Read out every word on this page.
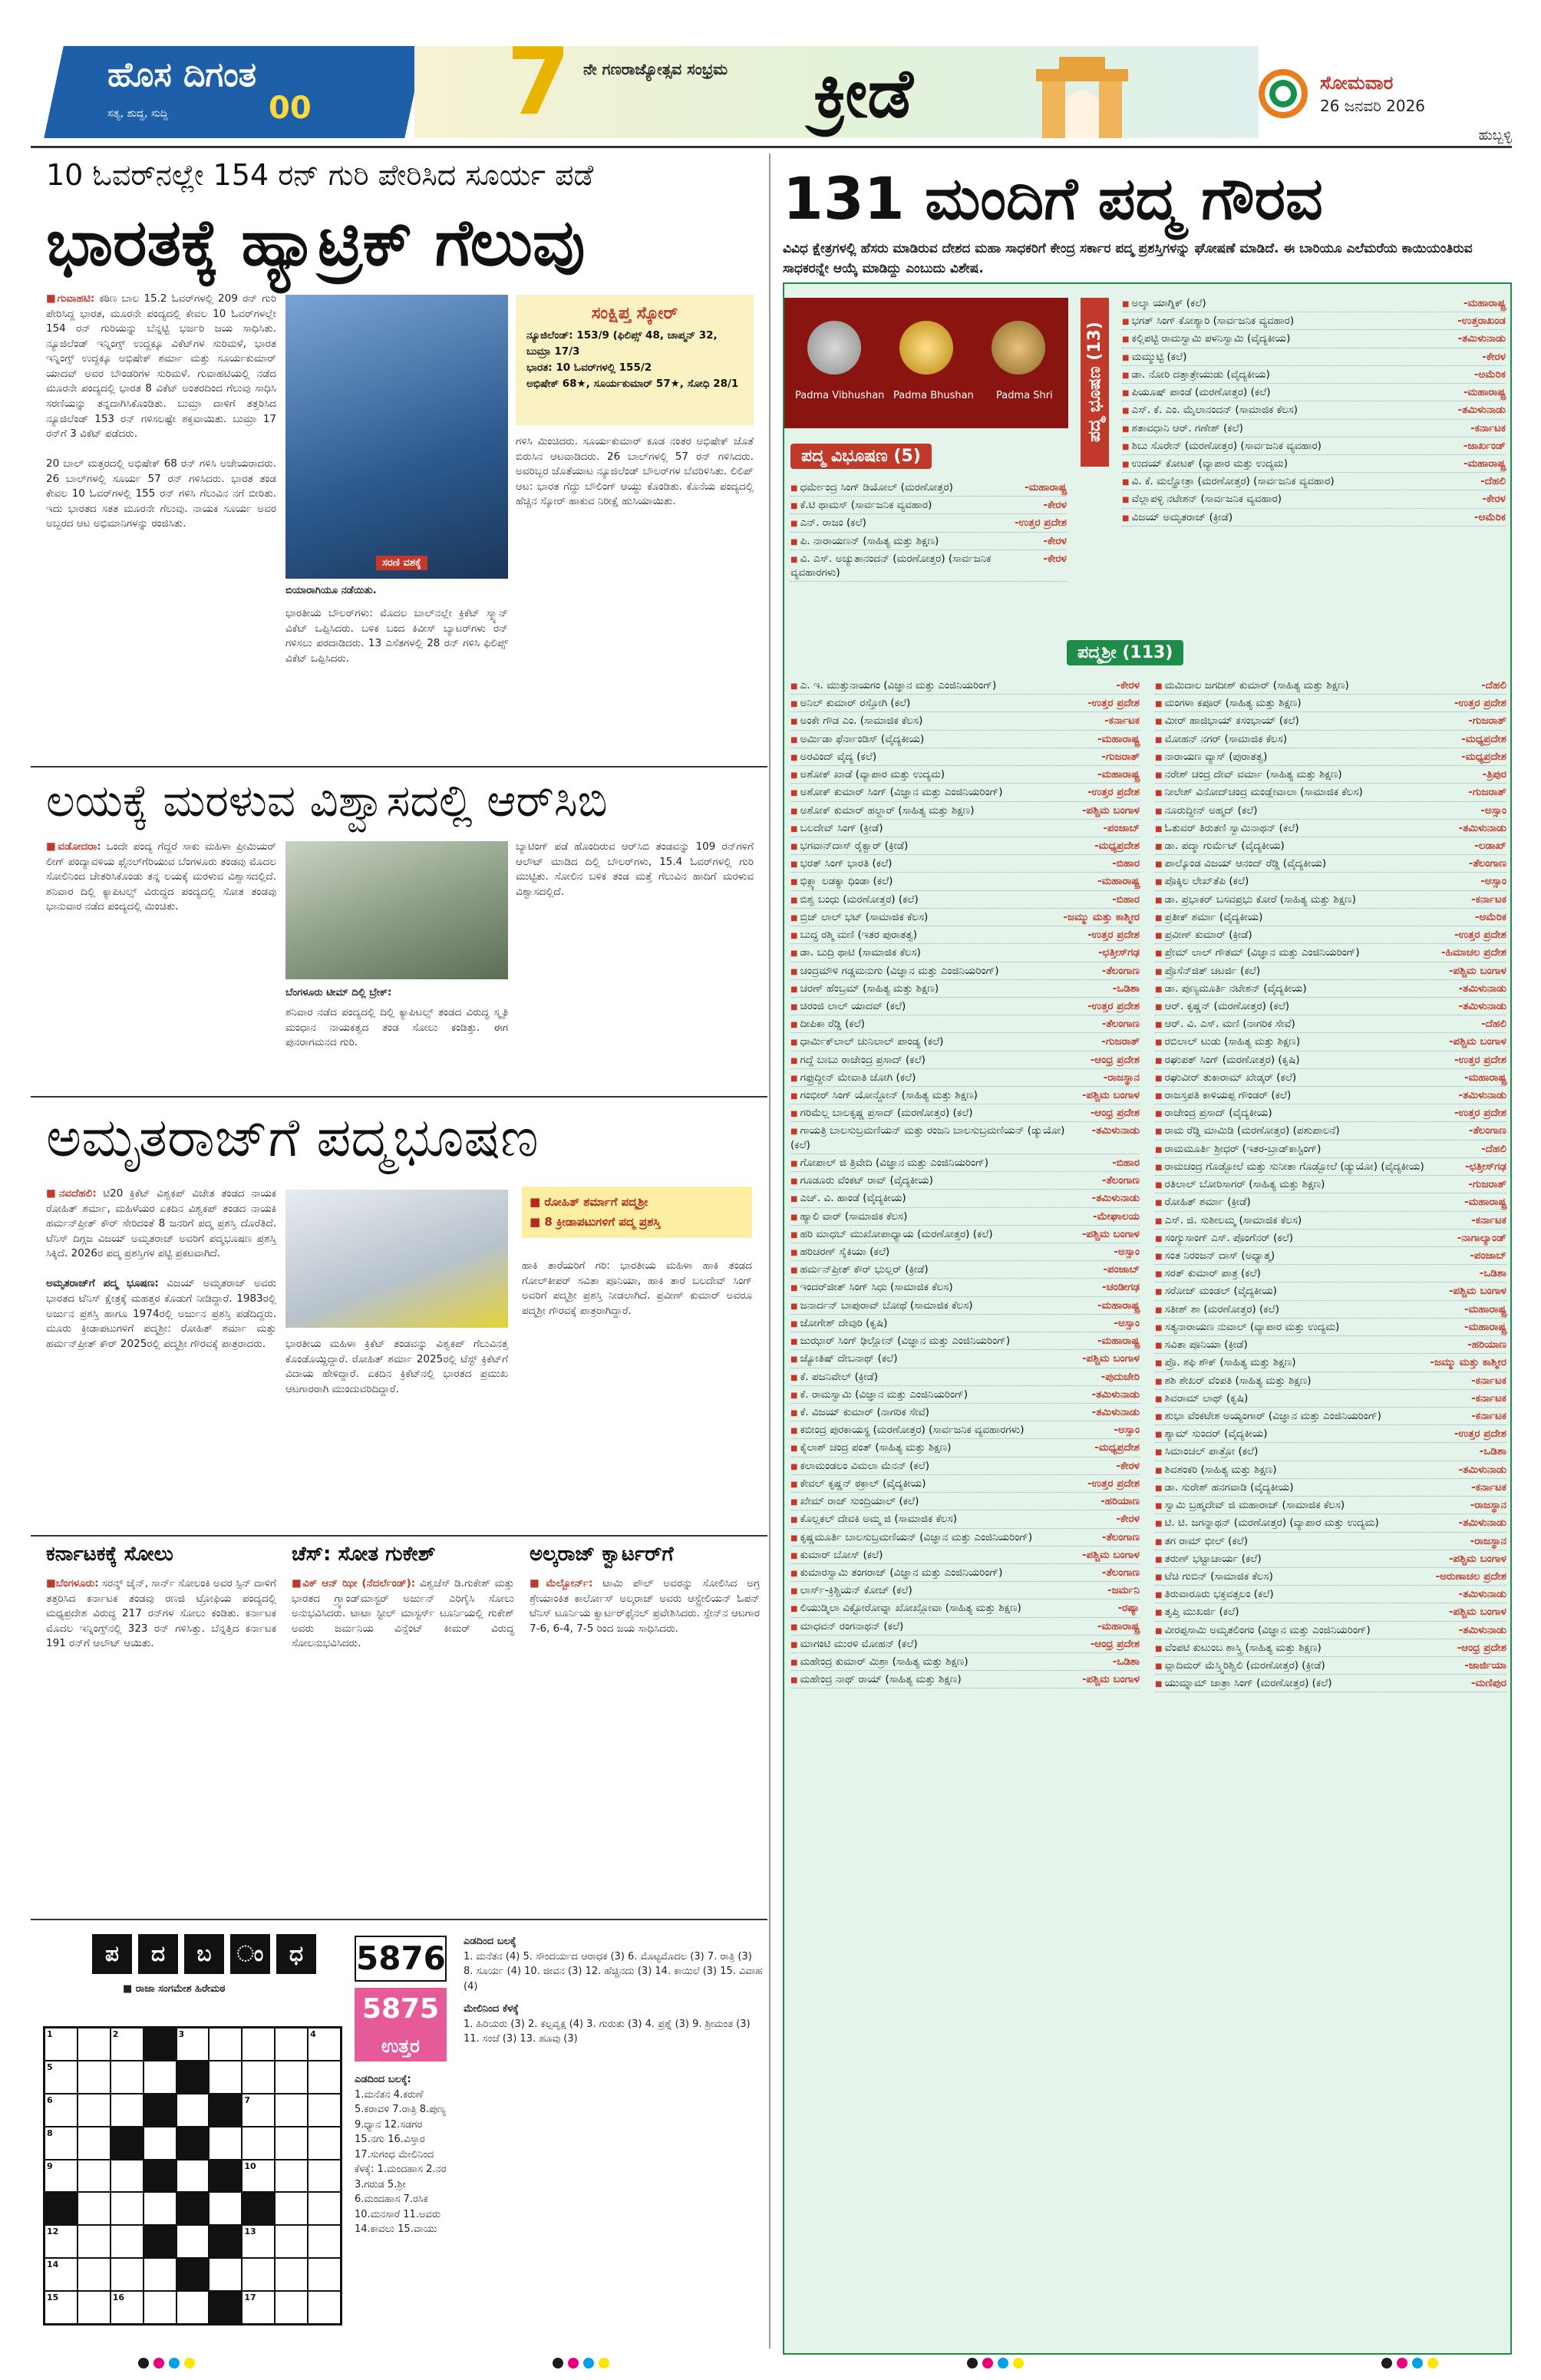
ಹೊಸ ದಿಗಂತ
00
ಸತ್ಯ, ಶುದ್ಧ, ಸುದ್ದಿ	7 ನೇ ಗಣರಾಜ್ಯೋತ್ಸವ ಸಂಭ್ರಮ	ಕ್ರೀಡೆ	ಸೋಮವಾರ
26 ಜನವರಿ 2026
ಹುಬ್ಬಳ್ಳಿ
10 ಓವರ್‌ನಲ್ಲೇ 154 ರನ್ ಗುರಿ ಪೇರಿಸಿದ ಸೂರ್ಯ ಪಡೆ
ಭಾರತಕ್ಕೆ ಹ್ಯಾಟ್ರಿಕ್ ಗೆಲುವು
■ಗುವಾಹಟಿ: ಕಠಿಣ ಬಾಲ 15.2 ಓವರ್‌ಗಳಲ್ಲಿ 209 ರನ್ ಗುರಿ ಪೇರಿಸಿದ್ದ ಭಾರತ, ಮೂರನೇ ಪಂದ್ಯದಲ್ಲಿ ಕೇವಲ 10 ಓವರ್‌ಗಳಲ್ಲೇ 154 ರನ್ ಗುರಿಯನ್ನು ಬೆನ್ನಟ್ಟಿ ಭರ್ಜರಿ ಜಯ ಸಾಧಿಸಿತು. ನ್ಯೂಜಿಲೆಂಡ್ ಇನ್ನಿಂಗ್ಸ್ ಉದ್ದಕ್ಕೂ ವಿಕೆಟ್‌ಗಳ ಸುರಿಮಳೆ, ಭಾರತ ಇನ್ನಿಂಗ್ಸ್ ಉದ್ದಕ್ಕೂ ಅಭಿಷೇಕ್ ಶರ್ಮಾ ಮತ್ತು ಸೂರ್ಯಕುಮಾರ್ ಯಾದವ್ ಅವರ ಬೌಂಡರಿಗಳ ಸುರಿಮಳೆ. ಗುವಾಹಟಿಯಲ್ಲಿ ನಡೆದ ಮೂರನೇ ಪಂದ್ಯದಲ್ಲಿ ಭಾರತ 8 ವಿಕೆಟ್ ಅಂತರದಿಂದ ಗೆಲುವು ಸಾಧಿಸಿ ಸರಣಿಯನ್ನು ತನ್ನದಾಗಿಸಿಕೊಂಡಿತು. ಬುಮ್ರಾ ದಾಳಿಗೆ ತತ್ತರಿಸಿದ ನ್ಯೂಜಿಲೆಂಡ್ 153 ರನ್ ಗಳಿಸಲಷ್ಟೇ ಶಕ್ತವಾಯಿತು. ಬುಮ್ರಾ 17 ರನ್‌ಗೆ 3 ವಿಕೆಟ್ ಪಡೆದರು.

20 ಬಾಲ್ ಮತ್ತರದಲ್ಲಿ ಅಭಿಷೇಕ್ 68 ರನ್ ಗಳಿಸಿ ಅಜೇಯರಾದರು. 26 ಬಾಲ್‌ಗಳಲ್ಲಿ ಸೂರ್ಯ 57 ರನ್ ಗಳಿಸಿದರು. ಭಾರತ ತಂಡ ಕೇವಲ 10 ಓವರ್‌ಗಳಲ್ಲಿ 155 ರನ್ ಗಳಿಸಿ ಗೆಲುವಿನ ನಗೆ ಬೀರಿತು. ಇದು ಭಾರತದ ಸತತ ಮೂರನೇ ಗೆಲುವು. ನಾಯಕ ಸೂರ್ಯ ಅವರ ಅಬ್ಬರದ ಆಟ ಅಭಿಮಾನಿಗಳನ್ನು ರಂಜಿಸಿತು.
ಸರಣಿ ವಶಕ್ಕೆ
ಬಿಯಾರಾಗಿಯೂ ನಡೆಯಿತು.
ಭಾರತೀಯ ಬೌಲರ್‌ಗಳು: ಮೊದಲ ಬಾಲ್‌ನಲ್ಲೇ ಕ್ರಿಕೆಟ್ ಸ್ಮ್ಯಾನ್ ವಿಕೆಟ್ ಒಪ್ಪಿಸಿದರು. ಬಳಿಕ ಬಂದ ಕಿವೀಸ್ ಬ್ಯಾಟರ್‌ಗಳು ರನ್ ಗಳಿಸಲು ಪರದಾಡಿದರು. 13 ಎಸೆತಗಳಲ್ಲಿ 28 ರನ್ ಗಳಿಸಿ ಫಿಲಿಪ್ಸ್ ವಿಕೆಟ್ ಒಪ್ಪಿಸಿದರು.
ಸಂಕ್ಷಿಪ್ತ ಸ್ಕೋರ್

ನ್ಯೂಜಿಲೆಂಡ್: 153/9 (ಫಿಲಿಪ್ಸ್ 48, ಚಾಪ್ಮನ್ 32, ಬುಮ್ರಾ 17/3

ಭಾರತ: 10 ಓವರ್‌ಗಳಲ್ಲಿ 155/2

ಅಭಿಷೇಕ್ 68★, ಸೂರ್ಯಕುಮಾರ್ 57★, ಸೋಧಿ 28/1

ಗಳಿಸಿ ಮಿಂಚಿದರು. ಸೂರ್ಯಕುಮಾರ್ ಕೂಡ ನಂತರ ಅಭಿಷೇಕ್ ಜೊತೆ ಬಿರುಸಿನ ಆಟವಾಡಿದರು. 26 ಬಾಲ್‌ಗಳಲ್ಲಿ 57 ರನ್ ಗಳಿಸಿದರು. ಅವರಿಬ್ಬರ ಜೊತೆಯಾಟ ನ್ಯೂಜಿಲೆಂಡ್ ಬೌಲರ್‌ಗಳ ಬೆವರಿಳಿಸಿತು. ಲಿಲಿಪ್ ಆಟ: ಭಾರತ ಗೆದ್ದು ಬೌಲಿಂಗ್ ಆಯ್ದು ಕೊಂಡಿತು. ಕೊನೆಯ ಪಂದ್ಯದಲ್ಲಿ ಹೆಚ್ಚಿನ ಸ್ಕೋರ್ ಹಾಕುವ ನಿರೀಕ್ಷೆ ಹುಸಿಯಾಯಿತು.
ಲಯಕ್ಕೆ ಮರಳುವ ವಿಶ್ವಾಸದಲ್ಲಿ ಆರ್‌ಸಿಬಿ
■ವಡೋದರಾ: ಒಂದೇ ಪಂದ್ಯ ಗೆದ್ದರೆ ಸಾಕು ಮಹಿಳಾ ಪ್ರೀಮಿಯರ್ ಲೀಗ್ ಪಂದ್ಯಾವಳಿಯ ಫೈನಲ್‌ಗೆರಿಯುವ ಬೆಂಗಳೂರು ತಂಡವು ಮೊದಲ ಸೋಲಿನಿಂದ ಚೇತರಿಸಿಕೊಂಡು ತನ್ನ ಲಯಕ್ಕೆ ಮರಳುವ ವಿಶ್ವಾಸದಲ್ಲಿದೆ. ಶನಿವಾರ ದಿಲ್ಲಿ ಕ್ಯಾಪಿಟಲ್ಸ್ ವಿರುದ್ಧದ ಪಂದ್ಯದಲ್ಲಿ ಸೋತ ತಂಡವು ಭಾನುವಾರ ನಡೆದ ಪಂದ್ಯದಲ್ಲಿ ಮಿಂಚಿತು.
ಬೆಂಗಳೂರು ಟೀಮ್ ದಿಲ್ಲಿ ಬ್ರೇಕ್:
ಶನಿವಾರ ನಡೆದ ಪಂದ್ಯದಲ್ಲಿ ದಿಲ್ಲಿ ಕ್ಯಾಪಿಟಲ್ಸ್ ತಂಡದ ವಿರುದ್ಧ ಸ್ಮೃತಿ ಮಂಧಾನ ನಾಯಕತ್ವದ ತಂಡ ಸೋಲು ಕಂಡಿತ್ತು. ಈಗ ಪುನರಾಗಮನದ ಗುರಿ.
ಬ್ಯಾಟಿಂಗ್ ಪಡೆ ಹೊಂದಿರುವ ಆರ್‌ಸಿಬಿ ತಂಡವನ್ನು 109 ರನ್‌ಗಳಿಗೆ ಆಲೌಟ್ ಮಾಡಿದ ದಿಲ್ಲಿ ಬೌಲರ್‌ಗಳು, 15.4 ಓವರ್‌ಗಳಲ್ಲಿ ಗುರಿ ಮುಟ್ಟಿತು. ಸೋಲಿನ ಬಳಿಕ ತಂಡ ಮತ್ತೆ ಗೆಲುವಿನ ಹಾದಿಗೆ ಮರಳುವ ವಿಶ್ವಾಸದಲ್ಲಿದೆ.
ಅಮೃತರಾಜ್‌ಗೆ ಪದ್ಮಭೂಷಣ
■ನವದೆಹಲಿ: ಟಿ20 ಕ್ರಿಕೆಟ್ ವಿಶ್ವಕಪ್ ವಿಜೇತ ತಂಡದ ನಾಯಕ ರೋಹಿತ್ ಶರ್ಮಾ, ಮಹಿಳೆಯರ ಏಕದಿನ ವಿಶ್ವಕಪ್ ತಂಡದ ನಾಯಕಿ ಹರ್ಮನ್‌ಪ್ರೀತ್ ಕೌರ್ ಸೇರಿದಂತೆ 8 ಜನರಿಗೆ ಪದ್ಮ ಪ್ರಶಸ್ತಿ ದೊರೆತಿದೆ. ಟೆನಿಸ್ ದಿಗ್ಗಜ ವಿಜಯ್ ಅಮೃತರಾಜ್ ಅವರಿಗೆ ಪದ್ಮಭೂಷಣ ಪ್ರಶಸ್ತಿ ಸಿಕ್ಕಿದೆ. 2026ರ ಪದ್ಮ ಪ್ರಶಸ್ತಿಗಳ ಪಟ್ಟಿ ಪ್ರಕಟವಾಗಿದೆ.

ಅಮೃತರಾಜ್‌ಗೆ ಪದ್ಮ ಭೂಷಣ: ವಿಜಯ್ ಅಮೃತರಾಜ್ ಅವರು ಭಾರತದ ಟೆನಿಸ್ ಕ್ಷೇತ್ರಕ್ಕೆ ಮಹತ್ತರ ಕೊಡುಗೆ ನೀಡಿದ್ದಾರೆ. 1983ರಲ್ಲಿ ಅರ್ಜುನ ಪ್ರಶಸ್ತಿ ಹಾಗೂ 1974ರಲ್ಲಿ ಅರ್ಜುನ ಪ್ರಶಸ್ತಿ ಪಡೆದಿದ್ದರು. ಮೂರು ಕ್ರೀಡಾಪಟುಗಳಿಗೆ ಪದ್ಮಶ್ರೀ: ರೋಹಿತ್ ಶರ್ಮಾ ಮತ್ತು ಹರ್ಮನ್‌ಪ್ರೀತ್ ಕೌರ್ 2025ರಲ್ಲಿ ಪದ್ಮಶ್ರೀ ಗೌರವಕ್ಕೆ ಪಾತ್ರರಾದರು.	ಭಾರತೀಯ ಮಹಿಳಾ ಕ್ರಿಕೆಟ್ ತಂಡವನ್ನು ವಿಶ್ವಕಪ್ ಗೆಲುವಿನತ್ತ ಕೊಂಡೊಯ್ದಿದ್ದಾರೆ. ರೋಹಿತ್ ಶರ್ಮಾ 2025ರಲ್ಲಿ ಟೆಸ್ಟ್ ಕ್ರಿಕೆಟ್‌ಗೆ ವಿದಾಯ ಹೇಳಿದ್ದಾರೆ. ಏಕದಿನ ಕ್ರಿಕೆಟ್‌ನಲ್ಲಿ ಭಾರತದ ಪ್ರಮುಖ ಆಟಗಾರರಾಗಿ ಮುಂದುವರಿದಿದ್ದಾರೆ.
■ ರೋಹಿತ್ ಶರ್ಮಾಗೆ ಪದ್ಮಶ್ರೀ
■ 8 ಕ್ರೀಡಾಪಟುಗಳಿಗೆ ಪದ್ಮ ಪ್ರಶಸ್ತಿ
ಹಾಕಿ ತಾರೆಯರಿಗೆ ಗರಿ: ಭಾರತೀಯ ಮಹಿಳಾ ಹಾಕಿ ತಂಡದ ಗೋಲ್‌ಕೀಪರ್ ಸವಿತಾ ಪೂನಿಯಾ, ಹಾಕಿ ತಾರೆ ಬಲದೇವ್ ಸಿಂಗ್ ಅವರಿಗೆ ಪದ್ಮಶ್ರೀ ಪ್ರಶಸ್ತಿ ನೀಡಲಾಗಿದೆ. ಪ್ರವೀಣ್ ಕುಮಾರ್ ಅವರೂ ಪದ್ಮಶ್ರೀ ಗೌರವಕ್ಕೆ ಪಾತ್ರರಾಗಿದ್ದಾರೆ.
ಕರ್ನಾಟಕಕ್ಕೆ ಸೋಲು
■ಬೆಂಗಳೂರು: ಸರನ್ಶ್ ಜೈನ್, ಸಾರ್ನ್ ಸೋಲಂಕಿ ಅವರ ಸ್ಪಿನ್ ದಾಳಿಗೆ ತತ್ತರಿಸಿದ ಕರ್ನಾಟಕ ತಂಡವು ರಣಜಿ ಟ್ರೋಫಿಯ ಪಂದ್ಯದಲ್ಲಿ ಮಧ್ಯಪ್ರದೇಶ ವಿರುದ್ಧ 217 ರನ್‌ಗಳ ಸೋಲು ಕಂಡಿತು. ಕರ್ನಾಟಕ ಮೊದಲ ಇನ್ನಿಂಗ್ಸ್‌ನಲ್ಲಿ 323 ರನ್ ಗಳಿಸಿತ್ತು. ಬೆನ್ನತ್ತಿದ ಕರ್ನಾಟಕ 191 ರನ್‌ಗೆ ಆಲೌಟ್ ಆಯಿತು.
ಚೆಸ್: ಸೋತ ಗುಕೇಶ್
■ವಿಕ್ ಆನ್ ಝೀ (ನೆದರ್ಲೆಂಡ್): ವಿಶ್ವಚೆಸ್ ಡಿ.ಗುಕೇಶ್ ಮತ್ತು ಭಾರತದ ಗ್ರ್ಯಾಂಡ್‌ಮಾಸ್ಟರ್ ಅರ್ಜುನ್ ಎರಿಗೈಸಿ ಸೋಲು ಅನುಭವಿಸಿದರು. ಟಾಟಾ ಸ್ಟೀಲ್ ಮಾಸ್ಟರ್ಸ್ ಟೂರ್ನಿಯಲ್ಲಿ ಗುಕೇಶ್ ಅವರು ಜರ್ಮನಿಯ ವಿನ್ಸೆಂಟ್ ಕೀಮರ್ ವಿರುದ್ಧ ಸೋಲನುಭವಿಸಿದರು.
ಅಲ್ಕರಾಜ್ ಕ್ವಾರ್ಟರ್‌ಗೆ
■ಮೆಲ್ಬೋರ್ನ್: ಟಾಮಿ ಪೌಲ್ ಅವರನ್ನು ಸೋಲಿಸಿದ ಅಗ್ರ ಶ್ರೇಯಾಂಕಿತ ಕಾರ್ಲೋಸ್ ಅಲ್ಕರಾಜ್ ಅವರು ಆಸ್ಟ್ರೇಲಿಯನ್ ಓಪನ್ ಟೆನಿಸ್ ಟೂರ್ನಿಯ ಕ್ವಾರ್ಟರ್‌ಫೈನಲ್ ಪ್ರವೇಶಿಸಿದರು. ಸ್ಪೇನ್‌ನ ಆಟಗಾರ 7-6, 6-4, 7-5 ರಿಂದ ಜಯ ಸಾಧಿಸಿದರು.
ಪ	ದ	ಬ	ಂ	ಧ
■ ರಾಜಾ ಸಂಗಮೇಶ ಹಿರೇಮಠ
1	2	3	4
5
6	7
8
9	10
12	13
14
15	16	17
5876
5875
ಉತ್ತರ
ಎಡದಿಂದ ಬಲಕ್ಕೆ:
1.ಮನೆತನ 4.ಕರುಣೆ 5.ಕರಾವಳಿ 7.ರಾತ್ರಿ 8.ಪುಣ್ಯ 9.ಧ್ಯಾನ 12.ಸಡಗರ 15.ನಗು 16.ವಿಸ್ತಾರ 17.ಸುಗಂಧ ಮೇಲಿನಿಂದ ಕೆಳಕ್ಕೆ: 1.ಮಂದಹಾಸ 2.ನರ 3.ಗರುಡ 5.ಶ್ರೀ 6.ಮಂದಹಾಸ 7.ರಸಿಕ 10.ಮನಸಾರೆ 11.ಅವರು 14.ಕಾವಲು 15.ವಾಯು
ಎಡದಿಂದ ಬಲಕ್ಕೆ
1. ಮನೆತನ (4) 5. ಸೌಂದರ್ಯದ ಆರಾಧಕ (3) 6. ಮೊಟ್ಟಮೊದಲ (3) 7. ರಾತ್ರಿ (3) 8. ಸೂರ್ಯ (4) 10. ಜೀವನ (3) 12. ಹೆಚ್ಚಿನದು (3) 14. ಕಾಯಿಲೆ (3) 15. ವಿವಾಹ (4)
ಮೇಲಿನಿಂದ ಕೆಳಕ್ಕೆ
1. ಹಿರಿಯರು (3) 2. ಕಲ್ಪವೃಕ್ಷ (4) 3. ಗುರುತು (3) 4. ಪ್ರಶ್ನೆ (3) 9. ಶ್ರೀಮಂತ (3) 11. ಸಂಜೆ (3) 13. ಹೂವು (3)
131 ಮಂದಿಗೆ ಪದ್ಮ ಗೌರವ
ವಿವಿಧ ಕ್ಷೇತ್ರಗಳಲ್ಲಿ ಹೆಸರು ಮಾಡಿರುವ ದೇಶದ ಮಹಾ ಸಾಧಕರಿಗೆ ಕೇಂದ್ರ ಸರ್ಕಾರ ಪದ್ಮ ಪ್ರಶಸ್ತಿಗಳನ್ನು ಘೋಷಣೆ ಮಾಡಿದೆ. ಈ ಬಾರಿಯೂ ಎಲೆಮರೆಯ ಕಾಯಿಯಂತಿರುವ ಸಾಧಕರನ್ನೇ ಆಯ್ಕೆ ಮಾಡಿದ್ದು ಎಂಬುದು ವಿಶೇಷ.
Padma Vibhushan Padma Bhushan Padma Shri
ಪದ್ಮ ವಿಭೂಷಣ (5)
■ ಧರ್ಮೇಂದ್ರ ಸಿಂಗ್ ಡಿಯೋಲ್ (ಮರಣೋತ್ತರ)	-ಮಹಾರಾಷ್ಟ್ರ
■ ಕೆ.ಟಿ ಥಾಮಸ್ (ಸಾರ್ವಜನಿಕ ವ್ಯವಹಾರ)	-ಕೇರಳ
■ ಎನ್. ರಾಜಂ (ಕಲೆ)	-ಉತ್ತರ ಪ್ರದೇಶ
■ ಪಿ. ನಾರಾಯಣನ್ (ಸಾಹಿತ್ಯ ಮತ್ತು ಶಿಕ್ಷಣ)	-ಕೇರಳ
■ ವಿ. ಎಸ್. ಅಚ್ಯುತಾನಂದನ್ (ಮರಣೋತ್ತರ) (ಸಾರ್ವಜನಿಕ ವ್ಯವಹಾರಗಳು)
-ಕೇರಳ
ಪದ್ಮ ಭೂಷಣ (13)
■ ಅಲ್ಕಾ ಯಾಗ್ನಿಕ್ (ಕಲೆ)	-ಮಹಾರಾಷ್ಟ್ರ
■ ಭಗತ್ ಸಿಂಗ್ ಕೋಶ್ಯಾರಿ (ಸಾರ್ವಜನಿಕ ವ್ಯವಹಾರ)	-ಉತ್ತರಾಖಂಡ
■ ಕಲ್ಲಿಪಟ್ಟಿ ರಾಮಸ್ವಾಮಿ ಪಳನಿಸ್ವಾಮಿ (ವೈದ್ಯಕೀಯ)	-ತಮಿಳುನಾಡು
■ ಮಮ್ಮುಟ್ಟಿ (ಕಲೆ)	-ಕೇರಳ
■ ಡಾ. ನೋರಿ ದತ್ತಾತ್ರೇಯುಡು (ವೈದ್ಯಕೀಯ)	-ಅಮೆರಿಕ
■ ಪಿಯೂಷ್ ಪಾಂಡೆ (ಮರಣೋತ್ತರ) (ಕಲೆ)	-ಮಹಾರಾಷ್ಟ್ರ
■ ಎಸ್. ಕೆ. ಎಂ. ಮೈಲಾನಂದನ್ (ಸಾಮಾಜಿಕ ಕೆಲಸ)	-ತಮಿಳುನಾಡು
■ ಶತಾವಧಾನಿ ಆರ್. ಗಣೇಶ್ (ಕಲೆ)	-ಕರ್ನಾಟಕ
■ ಶಿಬು ಸೊರೇನ್ (ಮರಣೋತ್ತರ) (ಸಾರ್ವಜನಿಕ ವ್ಯವಹಾರ)	-ಜಾರ್ಖಂಡ್
■ ಉದಯ್ ಕೋಟಕ್ (ವ್ಯಾಪಾರ ಮತ್ತು ಉದ್ಯಮ)	-ಮಹಾರಾಷ್ಟ್ರ
■ ವಿ. ಕೆ. ಮಲ್ಹೋತ್ರಾ (ಮರಣೋತ್ತರ) (ಸಾರ್ವಜನಿಕ ವ್ಯವಹಾರ)	-ದೆಹಲಿ
■ ವೆಲ್ಲಾಪಳ್ಳಿ ನಟೇಶನ್ (ಸಾರ್ವಜನಿಕ ವ್ಯವಹಾರ)	-ಕೇರಳ
■ ವಿಜಯ್ ಅಮೃತರಾಜ್ (ಕ್ರೀಡೆ)	-ಅಮೆರಿಕ
ಪದ್ಮಶ್ರೀ (113)
■ ಎ. ಇ. ಮುತ್ತುನಾಯಗಂ (ವಿಜ್ಞಾನ ಮತ್ತು ಎಂಜಿನಿಯರಿಂಗ್)	-ಕೇರಳ
■ ಅನಿಲ್ ಕುಮಾರ್ ರಸ್ತೋಗಿ (ಕಲೆ)	-ಉತ್ತರ ಪ್ರದೇಶ
■ ಅಂಕೇ ಗೌಡ ಎಂ. (ಸಾಮಾಜಿಕ ಕೆಲಸ)	-ಕರ್ನಾಟಕ
■ ಅರ್ಮಿಡಾ ಫೆರ್ನಾಂಡಿಸ್ (ವೈದ್ಯಕೀಯ)	-ಮಹಾರಾಷ್ಟ್ರ
■ ಅರವಿಂದ್ ವೈದ್ಯ (ಕಲೆ)	-ಗುಜರಾತ್
■ ಅಶೋಕ್ ಖಾಡೆ (ವ್ಯಾಪಾರ ಮತ್ತು ಉದ್ಯಮ)	-ಮಹಾರಾಷ್ಟ್ರ
■ ಅಶೋಕ್ ಕುಮಾರ್ ಸಿಂಗ್ (ವಿಜ್ಞಾನ ಮತ್ತು ಎಂಜಿನಿಯರಿಂಗ್)	-ಉತ್ತರ ಪ್ರದೇಶ
■ ಅಶೋಕ್ ಕುಮಾರ್ ಹಲ್ದಾರ್ (ಸಾಹಿತ್ಯ ಮತ್ತು ಶಿಕ್ಷಣ)	-ಪಶ್ಚಿಮ ಬಂಗಾಳ
■ ಬಲದೇವ್ ಸಿಂಗ್ (ಕ್ರೀಡೆ)	-ಪಂಜಾಬ್
■ ಭಗವಾನ್‌ದಾಸ್ ರೈಕ್ವಾರ್ (ಕ್ರೀಡೆ)	-ಮಧ್ಯಪ್ರದೇಶ
■ ಭರತ್ ಸಿಂಗ್ ಭಾರತಿ (ಕಲೆ)	-ಬಿಹಾರ
■ ಭಿಕ್ಲ್ಯಾ ಲಡಕ್ಯಾ ಧಿಂಡಾ (ಕಲೆ)	-ಮಹಾರಾಷ್ಟ್ರ
■ ಬಿಶ್ವ ಬಂಧು (ಮರಣೋತ್ತರ) (ಕಲೆ)	-ಬಿಹಾರ
■ ಬ್ರಿಜ್ ಲಾಲ್ ಭಟ್ (ಸಾಮಾಜಿಕ ಕೆಲಸ)	-ಜಮ್ಮು ಮತ್ತು ಕಾಶ್ಮೀರ
■ ಬುದ್ಧ ರಶ್ಮಿ ಮಣಿ (ಇತರ ಪುರಾತತ್ವ)	-ಉತ್ತರ ಪ್ರದೇಶ
■ ಡಾ. ಬುದ್ರಿ ಥಾಟಿ (ಸಾಮಾಜಿಕ ಕೆಲಸ)	-ಛತ್ತೀಸ್‌ಗಢ
■ ಚಂದ್ರಮೌಳಿ ಗಡ್ಡಮನುಗು (ವಿಜ್ಞಾನ ಮತ್ತು ಎಂಜಿನಿಯರಿಂಗ್)	-ತೆಲಂಗಾಣ
■ ಚರಣ್ ಹೆಂಬ್ರಮ್ (ಸಾಹಿತ್ಯ ಮತ್ತು ಶಿಕ್ಷಣ)	-ಒಡಿಶಾ
■ ಚಿರಂಜಿ ಲಾಲ್ ಯಾದವ್ (ಕಲೆ)	-ಉತ್ತರ ಪ್ರದೇಶ
■ ದೀಪಿಕಾ ರೆಡ್ಡಿ (ಕಲೆ)	-ತೆಲಂಗಾಣ
■ ಧಾರ್ಮಿಕ್‌ಲಾಲ್ ಚುನಿಲಾಲ್ ಪಾಂಡ್ಯ (ಕಲೆ)	-ಗುಜರಾತ್
■ ಗದ್ದೆ ಬಾಬು ರಾಜೇಂದ್ರ ಪ್ರಸಾದ್ (ಕಲೆ)	-ಆಂಧ್ರ ಪ್ರದೇಶ
■ ಗಫ್ರುದ್ದೀನ್ ಮೇವಾತಿ ಜೋಗಿ (ಕಲೆ)	-ರಾಜಸ್ಥಾನ
■ ಗಂಭೀರ್ ಸಿಂಗ್ ಯೋನ್ಜೋನ್ (ಸಾಹಿತ್ಯ ಮತ್ತು ಶಿಕ್ಷಣ)	-ಪಶ್ಚಿಮ ಬಂಗಾಳ
■ ಗರಿಮೆಲ್ಲ ಬಾಲಕೃಷ್ಣ ಪ್ರಸಾದ್ (ಮರಣೋತ್ತರ) (ಕಲೆ)	-ಆಂಧ್ರ ಪ್ರದೇಶ
■ ಗಾಯತ್ರಿ ಬಾಲಸುಬ್ರಮಣಿಯನ್ ಮತ್ತು ರಂಜನಿ ಬಾಲಸುಬ್ರಮಣಿಯನ್ (ಡ್ಯುಯೋ) (ಕಲೆ)
-ತಮಿಳುನಾಡು
■ ಗೋಪಾಲ್ ಜಿ ತ್ರಿವೇದಿ (ವಿಜ್ಞಾನ ಮತ್ತು ಎಂಜಿನಿಯರಿಂಗ್)	-ಬಿಹಾರ
■ ಗೂಡೂರು ವೆಂಕಟ್ ರಾವ್ (ವೈದ್ಯಕೀಯ)	-ತೆಲಂಗಾಣ
■ ಎಚ್. ವಿ. ಹಾಂಡೆ (ವೈದ್ಯಕೀಯ)	-ತಮಿಳುನಾಡು
■ ಹ್ಯಾಲಿ ವಾರ್ (ಸಾಮಾಜಿಕ ಕೆಲಸ)	-ಮೇಘಾಲಯ
■ ಹರಿ ಮಾಧಬ್ ಮುಖೋಪಾಧ್ಯಾಯ (ಮರಣೋತ್ತರ) (ಕಲೆ)	-ಪಶ್ಚಿಮ ಬಂಗಾಳ
■ ಹರಿಚರಣ್ ಸೈಕಿಯಾ (ಕಲೆ)	-ಅಸ್ಸಾಂ
■ ಹರ್ಮನ್‌ಪ್ರೀತ್ ಕೌರ್ ಭುಲ್ಲರ್ (ಕ್ರೀಡೆ)	-ಪಂಜಾಬ್
■ ಇಂದರ್‌ಜೀತ್ ಸಿಂಗ್ ಸಿಧು (ಸಾಮಾಜಿಕ ಕೆಲಸ)	-ಚಂಡೀಗಢ
■ ಜನಾರ್ದನ್ ಬಾಪುರಾವ್ ಬೋಥೆ (ಸಾಮಾಜಿಕ ಕೆಲಸ)	-ಮಹಾರಾಷ್ಟ್ರ
■ ಜೋಗೇಶ್ ದೇವುರಿ (ಕೃಷಿ)	-ಅಸ್ಸಾಂ
■ ಜುಝಾರ್ ಸಿಂಗ್ ಢಿಲ್ಲೋನ್ (ವಿಜ್ಞಾನ ಮತ್ತು ಎಂಜಿನಿಯರಿಂಗ್)	-ಮಹಾರಾಷ್ಟ್ರ
■ ಜ್ಯೋತಿಷ್ ದೇಬನಾಥ್ (ಕಲೆ)	-ಪಶ್ಚಿಮ ಬಂಗಾಳ
■ ಕೆ. ಪಜನಿವೇಲ್ (ಕ್ರೀಡೆ)	-ಪುದುಚೇರಿ
■ ಕೆ. ರಾಮಸ್ವಾಮಿ (ವಿಜ್ಞಾನ ಮತ್ತು ಎಂಜಿನಿಯರಿಂಗ್)	-ತಮಿಳುನಾಡು
■ ಕೆ. ವಿಜಯ್ ಕುಮಾರ್ (ನಾಗರಿಕ ಸೇವೆ)	-ತಮಿಳುನಾಡು
■ ಕಬೀಂದ್ರ ಪುರಕಾಯಸ್ಥ (ಮರಣೋತ್ತರ) (ಸಾರ್ವಜನಿಕ ವ್ಯವಹಾರಗಳು)	-ಅಸ್ಸಾಂ
■ ಕೈಲಾಶ್ ಚಂದ್ರ ಪಂತ್ (ಸಾಹಿತ್ಯ ಮತ್ತು ಶಿಕ್ಷಣ)	-ಮಧ್ಯಪ್ರದೇಶ
■ ಕಲಾಮಂಡಲಂ ವಿಮಲಾ ಮೆನನ್ (ಕಲೆ)	-ಕೇರಳ
■ ಕೇವಲ್ ಕೃಷ್ಣನ್ ಠಕ್ರಾಲ್ (ವೈದ್ಯಕೀಯ)	-ಉತ್ತರ ಪ್ರದೇಶ
■ ಖೇಮ್ ರಾಜ್ ಸುಂದ್ರಿಯಾಲ್ (ಕಲೆ)	-ಹರಿಯಾಣ
■ ಕೊಲ್ಲಕಲ್ ದೇವಕಿ ಅಮ್ಮ ಜಿ (ಸಾಮಾಜಿಕ ಕೆಲಸ)	-ಕೇರಳ
■ ಕೃಷ್ಣಮೂರ್ತಿ ಬಾಲಸುಬ್ರಮಣಿಯನ್ (ವಿಜ್ಞಾನ ಮತ್ತು ಎಂಜಿನಿಯರಿಂಗ್)	-ತೆಲಂಗಾಣ
■ ಕುಮಾರ್ ಬೋಸ್ (ಕಲೆ)	-ಪಶ್ಚಿಮ ಬಂಗಾಳ
■ ಕುಮಾರಸ್ವಾಮಿ ತಂಗರಾಜ್ (ವಿಜ್ಞಾನ ಮತ್ತು ಎಂಜಿನಿಯರಿಂಗ್)	-ತೆಲಂಗಾಣ
■ ಲಾರ್ಸ್-ಕ್ರಿಶ್ಚಿಯನ್ ಕೋಚ್ (ಕಲೆ)	-ಜರ್ಮನಿ
■ ಲಿಯುಡ್ಮಿಲಾ ವಿಕ್ಟೋರೋವ್ನಾ ಖೋಖ್ಲೋವಾ (ಸಾಹಿತ್ಯ ಮತ್ತು ಶಿಕ್ಷಣ)	-ರಷ್ಯಾ
■ ಮಾಧವನ್ ರಂಗನಾಥನ್ (ಕಲೆ)	-ಮಹಾರಾಷ್ಟ್ರ
■ ಮಾಗಂಟಿ ಮುರಳಿ ಮೋಹನ್ (ಕಲೆ)	-ಆಂಧ್ರ ಪ್ರದೇಶ
■ ಮಹೇಂದ್ರ ಕುಮಾರ್ ಮಿಶ್ರಾ (ಸಾಹಿತ್ಯ ಮತ್ತು ಶಿಕ್ಷಣ)	-ಒಡಿಶಾ
■ ಮಹೇಂದ್ರ ನಾಥ್ ರಾಯ್ (ಸಾಹಿತ್ಯ ಮತ್ತು ಶಿಕ್ಷಣ)	-ಪಶ್ಚಿಮ ಬಂಗಾಳ
■ ಮಮಿದಾಲ ಜಗದೀಶ್ ಕುಮಾರ್ (ಸಾಹಿತ್ಯ ಮತ್ತು ಶಿಕ್ಷಣ)	-ದೆಹಲಿ
■ ಮಂಗಳಾ ಕಪೂರ್ (ಸಾಹಿತ್ಯ ಮತ್ತು ಶಿಕ್ಷಣ)	-ಉತ್ತರ ಪ್ರದೇಶ
■ ಮೀರ್ ಹಾಜಿಭಾಯ್ ಕಸಂಭಾಯ್ (ಕಲೆ)	-ಗುಜರಾತ್
■ ಮೋಹನ್ ನಗರ್ (ಸಾಮಾಜಿಕ ಕೆಲಸ)	-ಮಧ್ಯಪ್ರದೇಶ
■ ನಾರಾಯಣ ವ್ಯಾಸ್ (ಪುರಾತತ್ವ)	-ಮಧ್ಯಪ್ರದೇಶ
■ ನರೇಶ್ ಚಂದ್ರ ದೇವ್ ವರ್ಮಾ (ಸಾಹಿತ್ಯ ಮತ್ತು ಶಿಕ್ಷಣ)	-ತ್ರಿಪುರ
■ ನೀಲೇಶ್ ವಿನೋದ್‌ಚಂದ್ರ ಮಂಡ್ಲೇವಾಲಾ (ಸಾಮಾಜಿಕ ಕೆಲಸ)	-ಗುಜರಾತ್
■ ನೂರುದ್ದೀನ್ ಅಹ್ಮದ್ (ಕಲೆ)	-ಅಸ್ಸಾಂ
■ ಓತುವರ್ ತಿರುತಣಿ ಸ್ವಾಮಿನಾಥನ್ (ಕಲೆ)	-ತಮಿಳುನಾಡು
■ ಡಾ. ಪದ್ಮಾ ಗುರ್ಮೆಟ್ (ವೈದ್ಯಕೀಯ)	-ಲಡಾಖ್
■ ಪಾಲ್ಕೊಂಡ ವಿಜಯ್ ಆನಂದ್ ರೆಡ್ಡಿ (ವೈದ್ಯಕೀಯ)	-ತೆಲಂಗಾಣ
■ ಪೊಕ್ಕಿಲ ಲೇಖ್‌ತೆಪಿ (ಕಲೆ)	-ಅಸ್ಸಾಂ
■ ಡಾ. ಪ್ರಭಾಕರ್ ಬಸವಪ್ರಭು ಕೋರೆ (ಸಾಹಿತ್ಯ ಮತ್ತು ಶಿಕ್ಷಣ)	-ಕರ್ನಾಟಕ
■ ಪ್ರತೀಕ್ ಶರ್ಮಾ (ವೈದ್ಯಕೀಯ)	-ಅಮೆರಿಕ
■ ಪ್ರವೀಣ್ ಕುಮಾರ್ (ಕ್ರೀಡೆ)	-ಉತ್ತರ ಪ್ರದೇಶ
■ ಪ್ರೇಮ್ ಲಾಲ್ ಗೌತಮ್ (ವಿಜ್ಞಾನ ಮತ್ತು ಎಂಜಿನಿಯರಿಂಗ್)	-ಹಿಮಾಚಲ ಪ್ರದೇಶ
■ ಪ್ರೊಸೆನ್‌ಜಿತ್ ಚಟರ್ಜಿ (ಕಲೆ)	-ಪಶ್ಚಿಮ ಬಂಗಾಳ
■ ಡಾ. ಪುಣ್ಯಮೂರ್ತಿ ನಟೇಶನ್ (ವೈದ್ಯಕೀಯ)	-ತಮಿಳುನಾಡು
■ ಆರ್. ಕೃಷ್ಣನ್ (ಮರಣೋತ್ತರ) (ಕಲೆ)	-ತಮಿಳುನಾಡು
■ ಆರ್. ವಿ. ಎಸ್. ಮಣಿ (ನಾಗರಿಕ ಸೇವೆ)	-ದೆಹಲಿ
■ ರಬಿಲಾಲ್ ಟುಡು (ಸಾಹಿತ್ಯ ಮತ್ತು ಶಿಕ್ಷಣ)	-ಪಶ್ಚಿಮ ಬಂಗಾಳ
■ ರಘುಪತ್ ಸಿಂಗ್ (ಮರಣೋತ್ತರ) (ಕೃಷಿ)	-ಉತ್ತರ ಪ್ರದೇಶ
■ ರಘುವೀರ್ ತುಕಾರಾಮ್ ಖೇಡ್ಕರ್ (ಕಲೆ)	-ಮಹಾರಾಷ್ಟ್ರ
■ ರಾಜಸ್ತಪತಿ ಕಾಳಿಯಪ್ಪ ಗೌಂಡರ್ (ಕಲೆ)	-ತಮಿಳುನಾಡು
■ ರಾಜೇಂದ್ರ ಪ್ರಸಾದ್ (ವೈದ್ಯಕೀಯ)	-ಉತ್ತರ ಪ್ರದೇಶ
■ ರಾಮ ರೆಡ್ಡಿ ಮಾಮಿಡಿ (ಮರಣೋತ್ತರ) (ಪಶುಪಾಲನೆ)	-ತೆಲಂಗಾಣ
■ ರಾಮಮೂರ್ತಿ ಶ್ರೀಧರ್ (ಇತರ-ಬ್ರಾಡ್‌ಕಾಸ್ಟಿಂಗ್)	-ದೆಹಲಿ
■ ರಾಮಚಂದ್ರ ಗೊಡ್ಬೋಲೆ ಮತ್ತು ಸುನೀತಾ ಗೊಡ್ಬೋಲೆ (ಡ್ಯುಯೋ) (ವೈದ್ಯಕೀಯ)	-ಛತ್ತೀಸ್‌ಗಢ
■ ರತಿಲಾಲ್ ಬೋರಿಸಾಗರ್ (ಸಾಹಿತ್ಯ ಮತ್ತು ಶಿಕ್ಷಣ)	-ಗುಜರಾತ್
■ ರೋಹಿತ್ ಶರ್ಮಾ (ಕ್ರೀಡೆ)	-ಮಹಾರಾಷ್ಟ್ರ
■ ಎಸ್. ಜಿ. ಸುಶೀಲಮ್ಮ (ಸಾಮಾಜಿಕ ಕೆಲಸ)	-ಕರ್ನಾಟಕ
■ ಸಂಗ್ಯುಸಾಂಗ್ ಎಸ್. ಪೊಂಗೆನರ್ (ಕಲೆ)	-ನಾಗಾಲ್ಯಾಂಡ್
■ ಸಂತ ನಿರಂಜನ್ ದಾಸ್ (ಅಧ್ಯಾತ್ಮ)	-ಪಂಜಾಬ್
■ ಸರತ್ ಕುಮಾರ್ ಪಾತ್ರ (ಕಲೆ)	-ಒಡಿಶಾ
■ ಸರೋಜ್ ಮಂಡಲ್ (ವೈದ್ಯಕೀಯ)	-ಪಶ್ಚಿಮ ಬಂಗಾಳ
■ ಸತೀಶ್ ಶಾ (ಮರಣೋತ್ತರ) (ಕಲೆ)	-ಮಹಾರಾಷ್ಟ್ರ
■ ಸತ್ಯನಾರಾಯಣ ನುವಾಲ್ (ವ್ಯಾಪಾರ ಮತ್ತು ಉದ್ಯಮ)	-ಮಹಾರಾಷ್ಟ್ರ
■ ಸವಿತಾ ಪೂನಿಯಾ (ಕ್ರೀಡೆ)	-ಹರಿಯಾಣ
■ ಪ್ರೊ. ಶಫಿ ಶೌಕ್ (ಸಾಹಿತ್ಯ ಮತ್ತು ಶಿಕ್ಷಣ)	-ಜಮ್ಮು ಮತ್ತು ಕಾಶ್ಮೀರ
■ ಶಶಿ ಶೇಖರ್ ವೆಂಪತಿ (ಸಾಹಿತ್ಯ ಮತ್ತು ಶಿಕ್ಷಣ)	-ಕರ್ನಾಟಕ
■ ಶಿವರಾಮ್ ಲಾಥ್ (ಕೃಷಿ)	-ಕರ್ನಾಟಕ
■ ಶುಭಾ ವೆಂಕಟೇಶ ಅಯ್ಯಂಗಾರ್ (ವಿಜ್ಞಾನ ಮತ್ತು ಎಂಜಿನಿಯರಿಂಗ್)	-ಕರ್ನಾಟಕ
■ ಶ್ಯಾಮ್ ಸುಂದರ್ (ವೈದ್ಯಕೀಯ)	-ಉತ್ತರ ಪ್ರದೇಶ
■ ಸಿಮಾಂಚಲ್ ಪಾತ್ರೋ (ಕಲೆ)	-ಒಡಿಶಾ
■ ಶಿವಶಂಕರಿ (ಸಾಹಿತ್ಯ ಮತ್ತು ಶಿಕ್ಷಣ)	-ತಮಿಳುನಾಡು
■ ಡಾ. ಸುರೇಶ್ ಹನಗವಾಡಿ (ವೈದ್ಯಕೀಯ)	-ಕರ್ನಾಟಕ
■ ಸ್ವಾಮಿ ಬ್ರಹ್ಮದೇವ್ ಜಿ ಮಹಾರಾಜ್ (ಸಾಮಾಜಿಕ ಕೆಲಸ)	-ರಾಜಸ್ಥಾನ
■ ಟಿ. ಟಿ. ಜಗನ್ನಾಥನ್ (ಮರಣೋತ್ತರ) (ವ್ಯಾಪಾರ ಮತ್ತು ಉದ್ಯಮ)	-ತಮಿಳುನಾಡು
■ ತಗ ರಾಮ್ ಭೀಲ್ (ಕಲೆ)	-ರಾಜಸ್ಥಾನ
■ ತರುಣ್ ಭಟ್ಟಾಚಾರ್ಯ (ಕಲೆ)	-ಪಶ್ಚಿಮ ಬಂಗಾಳ
■ ಟೆಚಿ ಗುಬಿನ್ (ಸಾಮಾಜಿಕ ಕೆಲಸ)	-ಅರುಣಾಚಲ ಪ್ರದೇಶ
■ ತಿರುವಾರೂರು ಭಕ್ತವತ್ಸಲಂ (ಕಲೆ)	-ತಮಿಳುನಾಡು
■ ತೃಪ್ತಿ ಮುಖರ್ಜಿ (ಕಲೆ)	-ಪಶ್ಚಿಮ ಬಂಗಾಳ
■ ವೀರಪ್ಪಸಾಮಿ ಅಮೃತಲಿಂಗಂ (ವಿಜ್ಞಾನ ಮತ್ತು ಎಂಜಿನಿಯರಿಂಗ್)	-ತಮಿಳುನಾಡು
■ ವೆಂಪಟಿ ಕುಟುಂಬ ಶಾಸ್ತ್ರಿ (ಸಾಹಿತ್ಯ ಮತ್ತು ಶಿಕ್ಷಣ)	-ಆಂಧ್ರ ಪ್ರದೇಶ
■ ವ್ಲಾದಿಮರ್ ಮೆಸ್ತ್ವಿರಿಶ್ವಿಲಿ (ಮರಣೋತ್ತರ) (ಕ್ರೀಡೆ)	-ಜಾರ್ಜಿಯಾ
■ ಯುಮ್ನಾಮ್ ಜಾತ್ರಾ ಸಿಂಗ್ (ಮರಣೋತ್ತರ) (ಕಲೆ)	-ಮಣಿಪುರ
